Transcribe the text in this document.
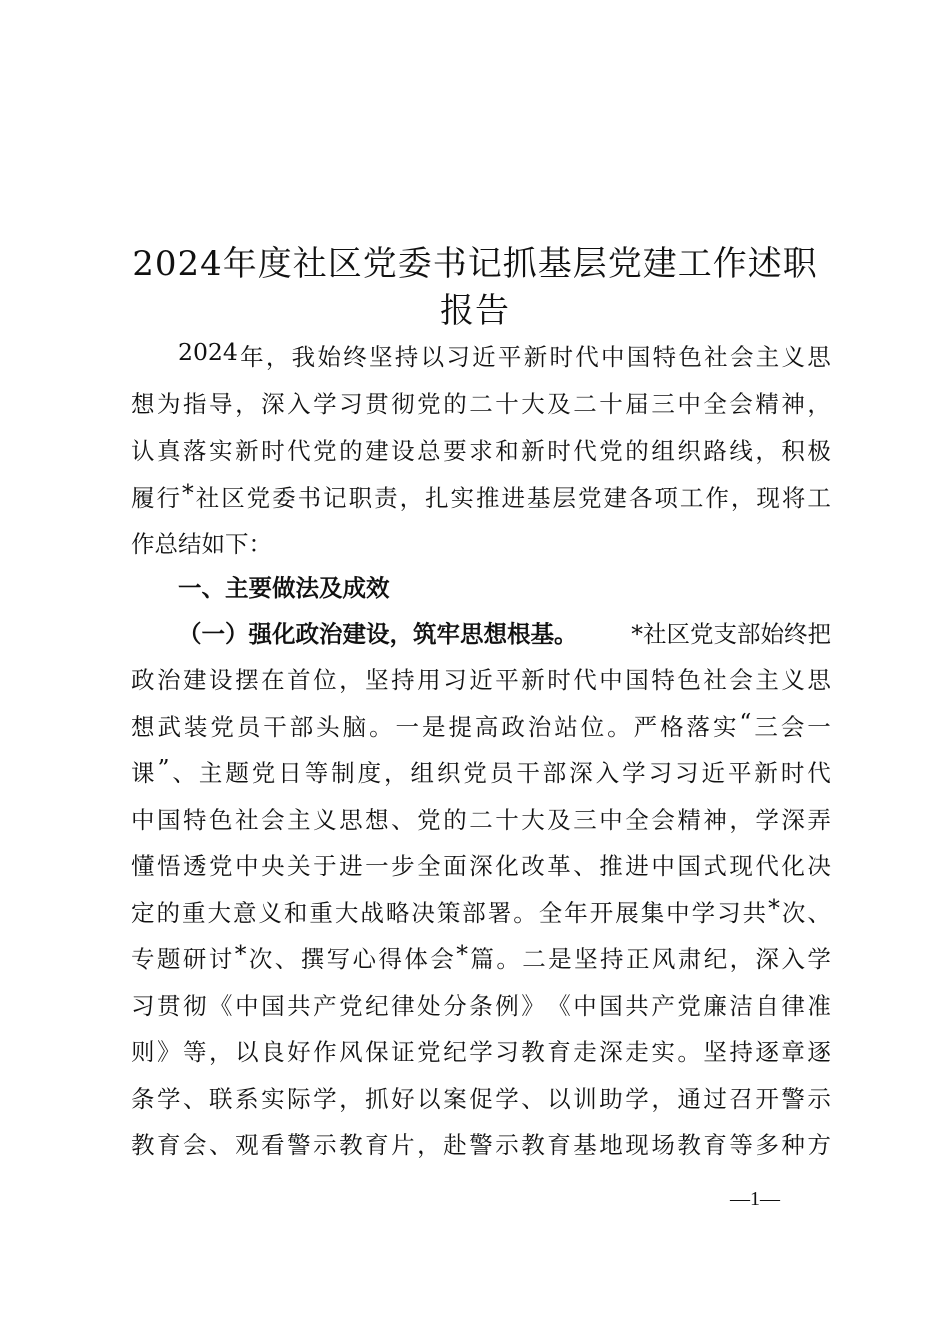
2024年度社区党委书记抓基层党建工作述职
报告
2024 年 ， 我 始 终 坚 持 以 习 近 平 新 时 代 中 国 特 色 社 会 主 义 思
想 为 指 导 ， 深 入 学 习 贯 彻 党 的 二 十 大 及 二 十 届 三 中 全 会 精 神 ，
认 真 落 实 新 时 代 党 的 建 设 总 要 求 和 新 时 代 党 的 组 织 路 线 ， 积 极
履 行 * 社 区 党 委 书 记 职 责 ， 扎 实 推 进 基 层 党 建 各 项 工 作 ， 现 将 工
作总结如下：
一、主要做法及成效
（一）强化政治建设，筑牢思想根基。 *社区党支部始终把
政 治 建 设 摆 在 首 位 ， 坚 持 用 习 近 平 新 时 代 中 国 特 色 社 会 主 义 思
想 武 装 党 员 干 部 头 脑 。 一 是 提 高 政 治 站 位 。 严 格 落 实 “ 三 会 一
课 ” 、 主 题 党 日 等 制 度 ， 组 织 党 员 干 部 深 入 学 习 习 近 平 新 时 代
中 国 特 色 社 会 主 义 思 想 、 党 的 二 十 大 及 三 中 全 会 精 神 ， 学 深 弄
懂 悟 透 党 中 央 关 于 进 一 步 全 面 深 化 改 革 、 推 进 中 国 式 现 代 化 决
定 的 重 大 意 义 和 重 大 战 略 决 策 部 署 。 全 年 开 展 集 中 学 习 共 * 次 、
专 题 研 讨 * 次 、 撰 写 心 得 体 会 * 篇 。 二 是 坚 持 正 风 肃 纪 ， 深 入 学
习 贯 彻 《 中 国 共 产 党 纪 律 处 分 条 例 》 《 中 国 共 产 党 廉 洁 自 律 准
则 》 等 ， 以 良 好 作 风 保 证 党 纪 学 习 教 育 走 深 走 实 。 坚 持 逐 章 逐
条 学 、 联 系 实 际 学 ， 抓 好 以 案 促 学 、 以 训 助 学 ， 通 过 召 开 警 示
教 育 会 、 观 看 警 示 教 育 片 ， 赴 警 示 教 育 基 地 现 场 教 育 等 多 种 方
—1—
